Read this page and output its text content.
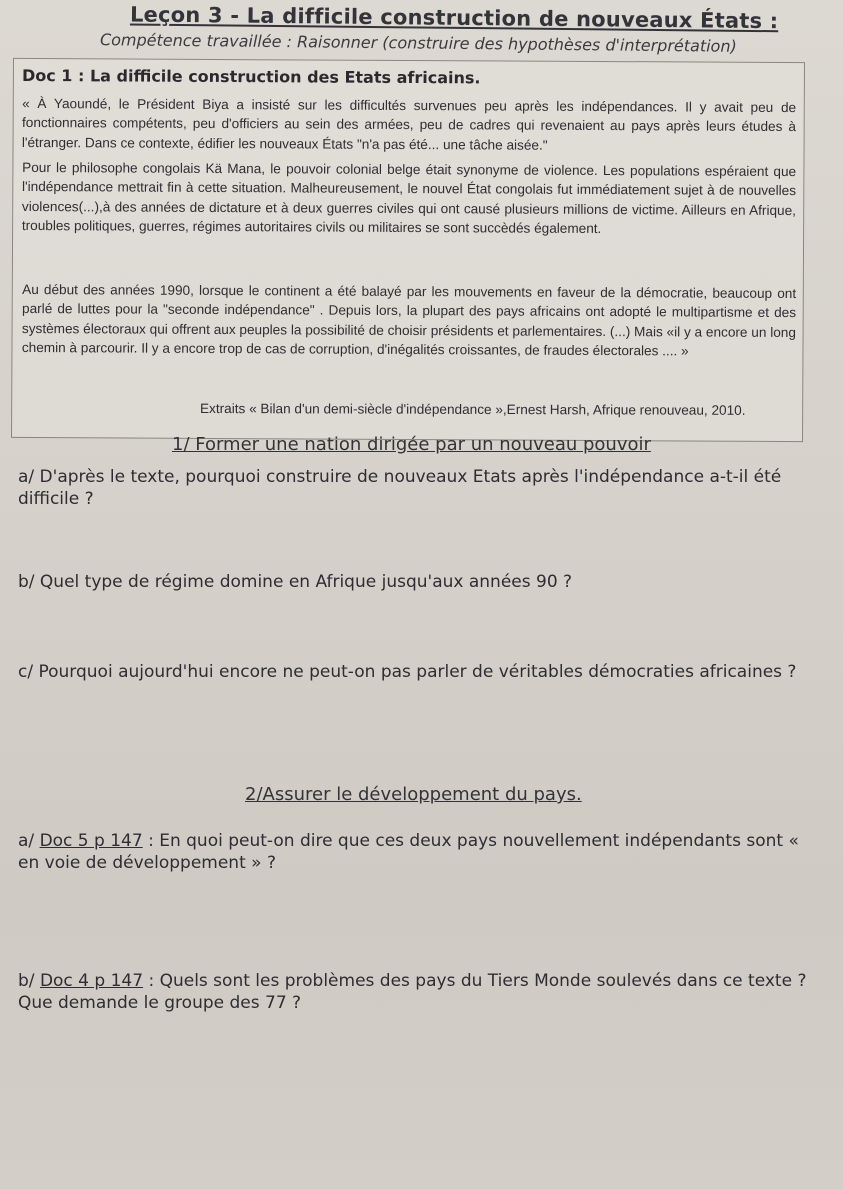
Leçon 3 - La difficile construction de nouveaux États :
Compétence travaillée : Raisonner (construire des hypothèses d'interprétation)
Doc 1 : La difficile construction des Etats africains.
« À Yaoundé, le Président Biya a insisté sur les difficultés survenues peu après les indépendances. Il y avait peu de fonctionnaires compétents, peu d'officiers au sein des armées, peu de cadres qui revenaient au pays après leurs études à l'étranger. Dans ce contexte, édifier les nouveaux États "n'a pas été... une tâche aisée."
Pour le philosophe congolais Kä Mana, le pouvoir colonial belge était synonyme de violence. Les populations espéraient que l'indépendance mettrait fin à cette situation. Malheureusement, le nouvel État congolais fut immédiatement sujet à de nouvelles violences(...),à des années de dictature et à deux guerres civiles qui ont causé plusieurs millions de victime. Ailleurs en Afrique, troubles politiques, guerres, régimes autoritaires civils ou militaires se sont succèdés également.
Au début des années 1990, lorsque le continent a été balayé par les mouvements en faveur de la démocratie, beaucoup ont parlé de luttes pour la "seconde indépendance" . Depuis lors, la plupart des pays africains ont adopté le multipartisme et des systèmes électoraux qui offrent aux peuples la possibilité de choisir présidents et parlementaires. (...) Mais «il y a encore un long chemin à parcourir. Il y a encore trop de cas de corruption, d'inégalités croissantes, de fraudes électorales .... »
Extraits « Bilan d'un demi-siècle d'indépendance »,Ernest Harsh, Afrique renouveau, 2010.
1/ Former une nation dirigée par un nouveau pouvoir
a/ D'après le texte, pourquoi construire de nouveaux Etats après l'indépendance a-t-il été difficile ?
b/ Quel type de régime domine en Afrique jusqu'aux années 90 ?
c/ Pourquoi aujourd'hui encore ne peut-on pas parler de véritables démocraties africaines ?
2/Assurer le développement du pays.
a/ Doc 5 p 147 : En quoi peut-on dire que ces deux pays nouvellement indépendants sont « en voie de développement » ?
b/ Doc 4 p 147 : Quels sont les problèmes des pays du Tiers Monde soulevés dans ce texte ? Que demande le groupe des 77 ?
